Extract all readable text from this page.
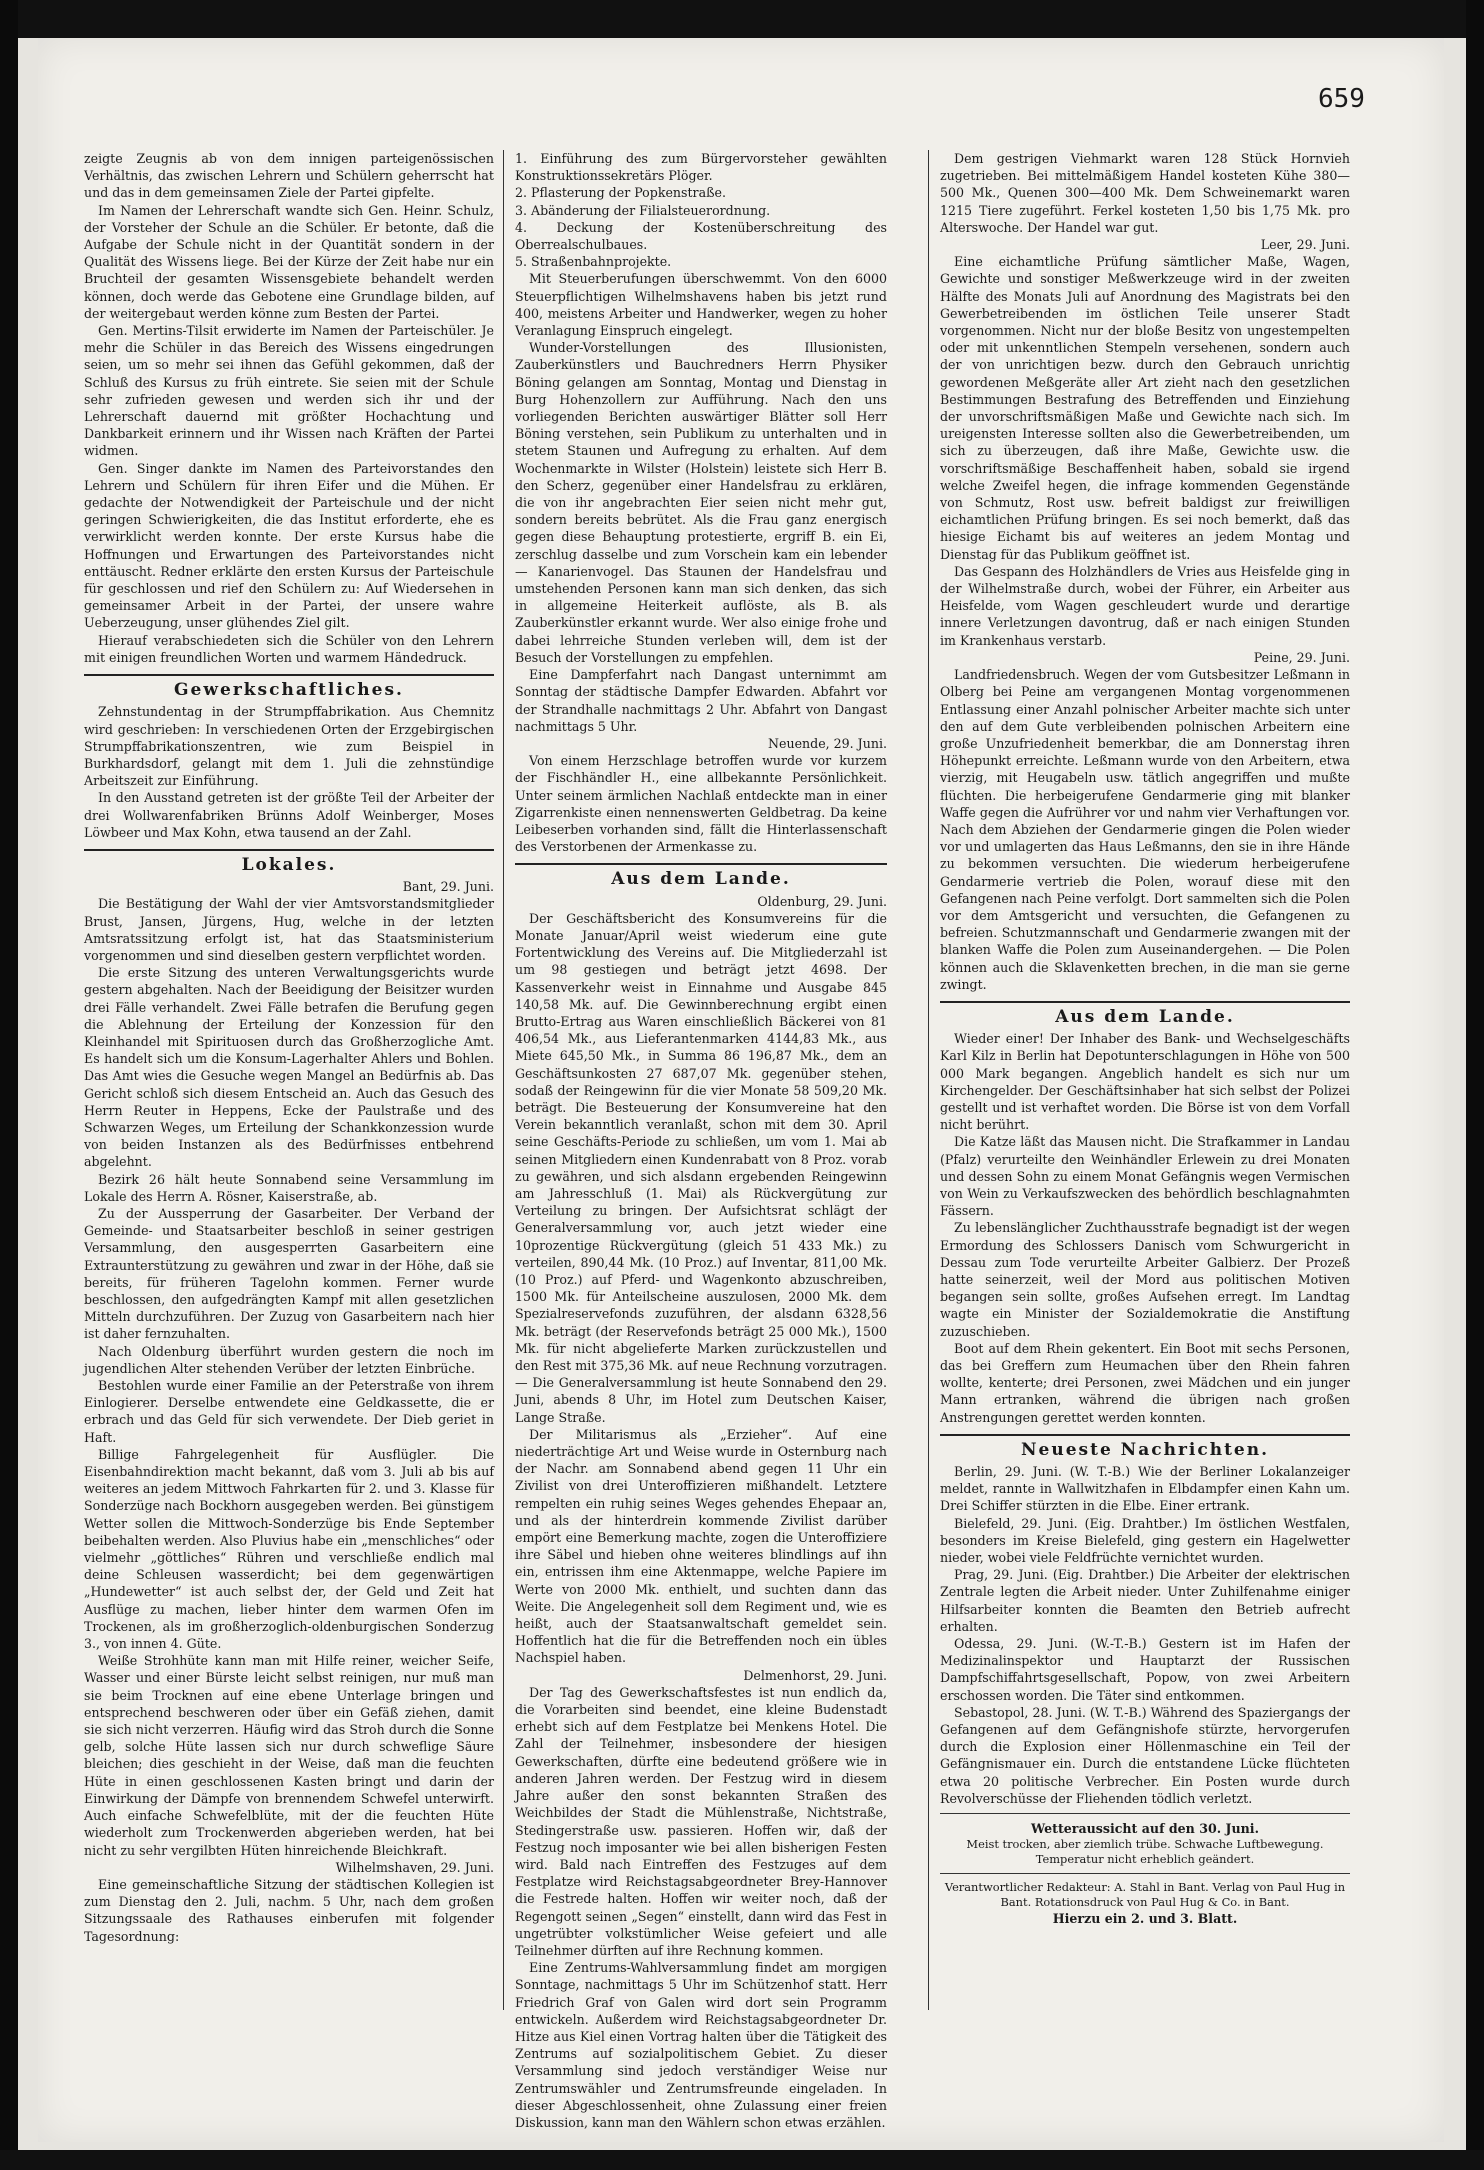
659

zeigte Zeugnis ab von dem innigen parteigenössischen Verhältnis, das zwischen Lehrern und Schülern geherrscht hat und das in dem gemeinsamen Ziele der Partei gipfelte.

Im Namen der Lehrerschaft wandte sich Gen. Heinr. Schulz, der Vorsteher der Schule an die Schüler. Er betonte, daß die Aufgabe der Schule nicht in der Quantität sondern in der Qualität des Wissens liege. Bei der Kürze der Zeit habe nur ein Bruchteil der gesamten Wissensgebiete behandelt werden können, doch werde das Gebotene eine Grundlage bilden, auf der weitergebaut werden könne zum Besten der Partei.

Gen. Mertins-Tilsit erwiderte im Namen der Parteischüler. Je mehr die Schüler in das Bereich des Wissens eingedrungen seien, um so mehr sei ihnen das Gefühl gekommen, daß der Schluß des Kursus zu früh eintrete. Sie seien mit der Schule sehr zufrieden gewesen und werden sich ihr und der Lehrerschaft dauernd mit größter Hochachtung und Dankbarkeit erinnern und ihr Wissen nach Kräften der Partei widmen.

Gen. Singer dankte im Namen des Parteivorstandes den Lehrern und Schülern für ihren Eifer und die Mühen. Er gedachte der Notwendigkeit der Parteischule und der nicht geringen Schwierigkeiten, die das Institut erforderte, ehe es verwirklicht werden konnte. Der erste Kursus habe die Hoffnungen und Erwartungen des Parteivorstandes nicht enttäuscht. Redner erklärte den ersten Kursus der Parteischule für geschlossen und rief den Schülern zu: Auf Wiedersehen in gemeinsamer Arbeit in der Partei, der unsere wahre Ueberzeugung, unser glühendes Ziel gilt.

Hierauf verabschiedeten sich die Schüler von den Lehrern mit einigen freundlichen Worten und warmem Händedruck.

Gewerkschaftliches.

Zehnstundentag in der Strumpffabrikation. Aus Chemnitz wird geschrieben: In verschiedenen Orten der Erzgebirgischen Strumpffabrikationszentren, wie zum Beispiel in Burkhardsdorf, gelangt mit dem 1. Juli die zehnstündige Arbeitszeit zur Einführung.

In den Ausstand getreten ist der größte Teil der Arbeiter der drei Wollwarenfabriken Brünns Adolf Weinberger, Moses Löwbeer und Max Kohn, etwa tausend an der Zahl.

Lokales.
Bant, 29. Juni.

Die Bestätigung der Wahl der vier Amtsvorstandsmitglieder Brust, Jansen, Jürgens, Hug, welche in der letzten Amtsratssitzung erfolgt ist, hat das Staatsministerium vorgenommen und sind dieselben gestern verpflichtet worden.

Die erste Sitzung des unteren Verwaltungsgerichts wurde gestern abgehalten. Nach der Beeidigung der Beisitzer wurden drei Fälle verhandelt. Zwei Fälle betrafen die Berufung gegen die Ablehnung der Erteilung der Konzession für den Kleinhandel mit Spirituosen durch das Großherzogliche Amt. Es handelt sich um die Konsum-Lagerhalter Ahlers und Bohlen. Das Amt wies die Gesuche wegen Mangel an Bedürfnis ab. Das Gericht schloß sich diesem Entscheid an. Auch das Gesuch des Herrn Reuter in Heppens, Ecke der Paulstraße und des Schwarzen Weges, um Erteilung der Schankkonzession wurde von beiden Instanzen als des Bedürfnisses entbehrend abgelehnt.

Bezirk 26 hält heute Sonnabend seine Versammlung im Lokale des Herrn A. Rösner, Kaiserstraße, ab.

Zu der Aussperrung der Gasarbeiter. Der Verband der Gemeinde- und Staatsarbeiter beschloß in seiner gestrigen Versammlung, den ausgesperrten Gasarbeitern eine Extraunterstützung zu gewähren und zwar in der Höhe, daß sie bereits, für früheren Tagelohn kommen. Ferner wurde beschlossen, den aufgedrängten Kampf mit allen gesetzlichen Mitteln durchzuführen. Der Zuzug von Gasarbeitern nach hier ist daher fernzuhalten.

Nach Oldenburg überführt wurden gestern die noch im jugendlichen Alter stehenden Verüber der letzten Einbrüche.

Bestohlen wurde einer Familie an der Peterstraße von ihrem Einlogierer. Derselbe entwendete eine Geldkassette, die er erbrach und das Geld für sich verwendete. Der Dieb geriet in Haft.

Billige Fahrgelegenheit für Ausflügler. Die Eisenbahndirektion macht bekannt, daß vom 3. Juli ab bis auf weiteres an jedem Mittwoch Fahrkarten für 2. und 3. Klasse für Sonderzüge nach Bockhorn ausgegeben werden. Bei günstigem Wetter sollen die Mittwoch-Sonderzüge bis Ende September beibehalten werden. Also Pluvius habe ein „menschliches“ oder vielmehr „göttliches“ Rühren und verschließe endlich mal deine Schleusen wasserdicht; bei dem gegenwärtigen „Hundewetter“ ist auch selbst der, der Geld und Zeit hat Ausflüge zu machen, lieber hinter dem warmen Ofen im Trockenen, als im großherzoglich-oldenburgischen Sonderzug 3., von innen 4. Güte.

Weiße Strohhüte kann man mit Hilfe reiner, weicher Seife, Wasser und einer Bürste leicht selbst reinigen, nur muß man sie beim Trocknen auf eine ebene Unterlage bringen und entsprechend beschweren oder über ein Gefäß ziehen, damit sie sich nicht verzerren. Häufig wird das Stroh durch die Sonne gelb, solche Hüte lassen sich nur durch schweflige Säure bleichen; dies geschieht in der Weise, daß man die feuchten Hüte in einen geschlossenen Kasten bringt und darin der Einwirkung der Dämpfe von brennendem Schwefel unterwirft. Auch einfache Schwefelblüte, mit der die feuchten Hüte wiederholt zum Trockenwerden abgerieben werden, hat bei nicht zu sehr vergilbten Hüten hinreichende Bleichkraft.

Wilhelmshaven, 29. Juni.

Eine gemeinschaftliche Sitzung der städtischen Kollegien ist zum Dienstag den 2. Juli, nachm. 5 Uhr, nach dem großen Sitzungssaale des Rathauses einberufen mit folgender Tagesordnung:

1. Einführung des zum Bürgervorsteher gewählten Konstruktionssekretärs Plöger.

2. Pflasterung der Popkenstraße.

3. Abänderung der Filialsteuerordnung.

4. Deckung der Kostenüberschreitung des Oberrealschulbaues.

5. Straßenbahnprojekte.

Mit Steuerberufungen überschwemmt. Von den 6000 Steuerpflichtigen Wilhelmshavens haben bis jetzt rund 400, meistens Arbeiter und Handwerker, wegen zu hoher Veranlagung Einspruch eingelegt.

Wunder-Vorstellungen des Illusionisten, Zauberkünstlers und Bauchredners Herrn Physiker Böning gelangen am Sonntag, Montag und Dienstag in Burg Hohenzollern zur Aufführung. Nach den uns vorliegenden Berichten auswärtiger Blätter soll Herr Böning verstehen, sein Publikum zu unterhalten und in stetem Staunen und Aufregung zu erhalten. Auf dem Wochenmarkte in Wilster (Holstein) leistete sich Herr B. den Scherz, gegenüber einer Handelsfrau zu erklären, die von ihr angebrachten Eier seien nicht mehr gut, sondern bereits bebrütet. Als die Frau ganz energisch gegen diese Behauptung protestierte, ergriff B. ein Ei, zerschlug dasselbe und zum Vorschein kam ein lebender — Kanarienvogel. Das Staunen der Handelsfrau und umstehenden Personen kann man sich denken, das sich in allgemeine Heiterkeit auflöste, als B. als Zauberkünstler erkannt wurde. Wer also einige frohe und dabei lehrreiche Stunden verleben will, dem ist der Besuch der Vorstellungen zu empfehlen.

Eine Dampferfahrt nach Dangast unternimmt am Sonntag der städtische Dampfer Edwarden. Abfahrt vor der Strandhalle nachmittags 2 Uhr. Abfahrt von Dangast nachmittags 5 Uhr.

Neuende, 29. Juni.

Von einem Herzschlage betroffen wurde vor kurzem der Fischhändler H., eine allbekannte Persönlichkeit. Unter seinem ärmlichen Nachlaß entdeckte man in einer Zigarrenkiste einen nennenswerten Geldbetrag. Da keine Leibeserben vorhanden sind, fällt die Hinterlassenschaft des Verstorbenen der Armenkasse zu.

Aus dem Lande.
Oldenburg, 29. Juni.

Der Geschäftsbericht des Konsumvereins für die Monate Januar/April weist wiederum eine gute Fortentwicklung des Vereins auf. Die Mitgliederzahl ist um 98 gestiegen und beträgt jetzt 4698. Der Kassenverkehr weist in Einnahme und Ausgabe 845 140,58 Mk. auf. Die Gewinnberechnung ergibt einen Brutto-Ertrag aus Waren einschließlich Bäckerei von 81 406,54 Mk., aus Lieferantenmarken 4144,83 Mk., aus Miete 645,50 Mk., in Summa 86 196,87 Mk., dem an Geschäftsunkosten 27 687,07 Mk. gegenüber stehen, sodaß der Reingewinn für die vier Monate 58 509,20 Mk. beträgt. Die Besteuerung der Konsumvereine hat den Verein bekanntlich veranlaßt, schon mit dem 30. April seine Geschäfts-Periode zu schließen, um vom 1. Mai ab seinen Mitgliedern einen Kundenrabatt von 8 Proz. vorab zu gewähren, und sich alsdann ergebenden Reingewinn am Jahresschluß (1. Mai) als Rückvergütung zur Verteilung zu bringen. Der Aufsichtsrat schlägt der Generalversammlung vor, auch jetzt wieder eine 10prozentige Rückvergütung (gleich 51 433 Mk.) zu verteilen, 890,44 Mk. (10 Proz.) auf Inventar, 811,00 Mk. (10 Proz.) auf Pferd- und Wagenkonto abzuschreiben, 1500 Mk. für Anteilscheine auszulosen, 2000 Mk. dem Spezialreservefonds zuzuführen, der alsdann 6328,56 Mk. beträgt (der Reservefonds beträgt 25 000 Mk.), 1500 Mk. für nicht abgelieferte Marken zurückzustellen und den Rest mit 375,36 Mk. auf neue Rechnung vorzutragen. — Die Generalversammlung ist heute Sonnabend den 29. Juni, abends 8 Uhr, im Hotel zum Deutschen Kaiser, Lange Straße.

Der Militarismus als „Erzieher“. Auf eine niederträchtige Art und Weise wurde in Osternburg nach der Nachr. am Sonnabend abend gegen 11 Uhr ein Zivilist von drei Unteroffizieren mißhandelt. Letztere rempelten ein ruhig seines Weges gehendes Ehepaar an, und als der hinterdrein kommende Zivilist darüber empört eine Bemerkung machte, zogen die Unteroffiziere ihre Säbel und hieben ohne weiteres blindlings auf ihn ein, entrissen ihm eine Aktenmappe, welche Papiere im Werte von 2000 Mk. enthielt, und suchten dann das Weite. Die Angelegenheit soll dem Regiment und, wie es heißt, auch der Staatsanwaltschaft gemeldet sein. Hoffentlich hat die für die Betreffenden noch ein übles Nachspiel haben.

Delmenhorst, 29. Juni.

Der Tag des Gewerkschaftsfestes ist nun endlich da, die Vorarbeiten sind beendet, eine kleine Budenstadt erhebt sich auf dem Festplatze bei Menkens Hotel. Die Zahl der Teilnehmer, insbesondere der hiesigen Gewerkschaften, dürfte eine bedeutend größere wie in anderen Jahren werden. Der Festzug wird in diesem Jahre außer den sonst bekannten Straßen des Weichbildes der Stadt die Mühlenstraße, Nichtstraße, Stedingerstraße usw. passieren. Hoffen wir, daß der Festzug noch imposanter wie bei allen bisherigen Festen wird. Bald nach Eintreffen des Festzuges auf dem Festplatze wird Reichstagsabgeordneter Brey-Hannover die Festrede halten. Hoffen wir weiter noch, daß der Regengott seinen „Segen“ einstellt, dann wird das Fest in ungetrübter volkstümlicher Weise gefeiert und alle Teilnehmer dürften auf ihre Rechnung kommen.

Eine Zentrums-Wahlversammlung findet am morgigen Sonntage, nachmittags 5 Uhr im Schützenhof statt. Herr Friedrich Graf von Galen wird dort sein Programm entwickeln. Außerdem wird Reichstagsabgeordneter Dr. Hitze aus Kiel einen Vortrag halten über die Tätigkeit des Zentrums auf sozialpolitischem Gebiet. Zu dieser Versammlung sind jedoch verständiger Weise nur Zentrumswähler und Zentrumsfreunde eingeladen. In dieser Abgeschlossenheit, ohne Zulassung einer freien Diskussion, kann man den Wählern schon etwas erzählen.

Dem gestrigen Viehmarkt waren 128 Stück Hornvieh zugetrieben. Bei mittelmäßigem Handel kosteten Kühe 380—500 Mk., Quenen 300—400 Mk. Dem Schweinemarkt waren 1215 Tiere zugeführt. Ferkel kosteten 1,50 bis 1,75 Mk. pro Alterswoche. Der Handel war gut.

Leer, 29. Juni.

Eine eichamtliche Prüfung sämtlicher Maße, Wagen, Gewichte und sonstiger Meßwerkzeuge wird in der zweiten Hälfte des Monats Juli auf Anordnung des Magistrats bei den Gewerbetreibenden im östlichen Teile unserer Stadt vorgenommen. Nicht nur der bloße Besitz von ungestempelten oder mit unkenntlichen Stempeln versehenen, sondern auch der von unrichtigen bezw. durch den Gebrauch unrichtig gewordenen Meßgeräte aller Art zieht nach den gesetzlichen Bestimmungen Bestrafung des Betreffenden und Einziehung der unvorschriftsmäßigen Maße und Gewichte nach sich. Im ureigensten Interesse sollten also die Gewerbetreibenden, um sich zu überzeugen, daß ihre Maße, Gewichte usw. die vorschriftsmäßige Beschaffenheit haben, sobald sie irgend welche Zweifel hegen, die infrage kommenden Gegenstände von Schmutz, Rost usw. befreit baldigst zur freiwilligen eichamtlichen Prüfung bringen. Es sei noch bemerkt, daß das hiesige Eichamt bis auf weiteres an jedem Montag und Dienstag für das Publikum geöffnet ist.

Das Gespann des Holzhändlers de Vries aus Heisfelde ging in der Wilhelmstraße durch, wobei der Führer, ein Arbeiter aus Heisfelde, vom Wagen geschleudert wurde und derartige innere Verletzungen davontrug, daß er nach einigen Stunden im Krankenhaus verstarb.

Peine, 29. Juni.

Landfriedensbruch. Wegen der vom Gutsbesitzer Leßmann in Olberg bei Peine am vergangenen Montag vorgenommenen Entlassung einer Anzahl polnischer Arbeiter machte sich unter den auf dem Gute verbleibenden polnischen Arbeitern eine große Unzufriedenheit bemerkbar, die am Donnerstag ihren Höhepunkt erreichte. Leßmann wurde von den Arbeitern, etwa vierzig, mit Heugabeln usw. tätlich angegriffen und mußte flüchten. Die herbeigerufene Gendarmerie ging mit blanker Waffe gegen die Aufrührer vor und nahm vier Verhaftungen vor. Nach dem Abziehen der Gendarmerie gingen die Polen wieder vor und umlagerten das Haus Leßmanns, den sie in ihre Hände zu bekommen versuchten. Die wiederum herbeigerufene Gendarmerie vertrieb die Polen, worauf diese mit den Gefangenen nach Peine verfolgt. Dort sammelten sich die Polen vor dem Amtsgericht und versuchten, die Gefangenen zu befreien. Schutzmannschaft und Gendarmerie zwangen mit der blanken Waffe die Polen zum Auseinandergehen. — Die Polen können auch die Sklavenketten brechen, in die man sie gerne zwingt.

Aus dem Lande.

Wieder einer! Der Inhaber des Bank- und Wechselgeschäfts Karl Kilz in Berlin hat Depotunterschlagungen in Höhe von 500 000 Mark begangen. Angeblich handelt es sich nur um Kirchengelder. Der Geschäftsinhaber hat sich selbst der Polizei gestellt und ist verhaftet worden. Die Börse ist von dem Vorfall nicht berührt.

Die Katze läßt das Mausen nicht. Die Strafkammer in Landau (Pfalz) verurteilte den Weinhändler Erlewein zu drei Monaten und dessen Sohn zu einem Monat Gefängnis wegen Vermischen von Wein zu Verkaufszwecken des behördlich beschlagnahmten Fässern.

Zu lebenslänglicher Zuchthausstrafe begnadigt ist der wegen Ermordung des Schlossers Danisch vom Schwurgericht in Dessau zum Tode verurteilte Arbeiter Galbierz. Der Prozeß hatte seinerzeit, weil der Mord aus politischen Motiven begangen sein sollte, großes Aufsehen erregt. Im Landtag wagte ein Minister der Sozialdemokratie die Anstiftung zuzuschieben.

Boot auf dem Rhein gekentert. Ein Boot mit sechs Personen, das bei Greffern zum Heumachen über den Rhein fahren wollte, kenterte; drei Personen, zwei Mädchen und ein junger Mann ertranken, während die übrigen nach großen Anstrengungen gerettet werden konnten.

Neueste Nachrichten.

Berlin, 29. Juni. (W. T.-B.) Wie der Berliner Lokalanzeiger meldet, rannte in Wallwitzhafen in Elbdampfer einen Kahn um. Drei Schiffer stürzten in die Elbe. Einer ertrank.

Bielefeld, 29. Juni. (Eig. Drahtber.) Im östlichen Westfalen, besonders im Kreise Bielefeld, ging gestern ein Hagelwetter nieder, wobei viele Feldfrüchte vernichtet wurden.

Prag, 29. Juni. (Eig. Drahtber.) Die Arbeiter der elektrischen Zentrale legten die Arbeit nieder. Unter Zuhilfenahme einiger Hilfsarbeiter konnten die Beamten den Betrieb aufrecht erhalten.

Odessa, 29. Juni. (W.-T.-B.) Gestern ist im Hafen der Medizinalinspektor und Hauptarzt der Russischen Dampfschiffahrtsgesellschaft, Popow, von zwei Arbeitern erschossen worden. Die Täter sind entkommen.

Sebastopol, 28. Juni. (W. T.-B.) Während des Spaziergangs der Gefangenen auf dem Gefängnishofe stürzte, hervorgerufen durch die Explosion einer Höllenmaschine ein Teil der Gefängnismauer ein. Durch die entstandene Lücke flüchteten etwa 20 politische Verbrecher. Ein Posten wurde durch Revolverschüsse der Fliehenden tödlich verletzt.

Wetteraussicht auf den 30. Juni.
Meist trocken, aber ziemlich trübe. Schwache Luftbewegung. Temperatur nicht erheblich geändert.
Verantwortlicher Redakteur: A. Stahl in Bant. Verlag von Paul Hug in Bant. Rotationsdruck von Paul Hug & Co. in Bant.
Hierzu ein 2. und 3. Blatt.
